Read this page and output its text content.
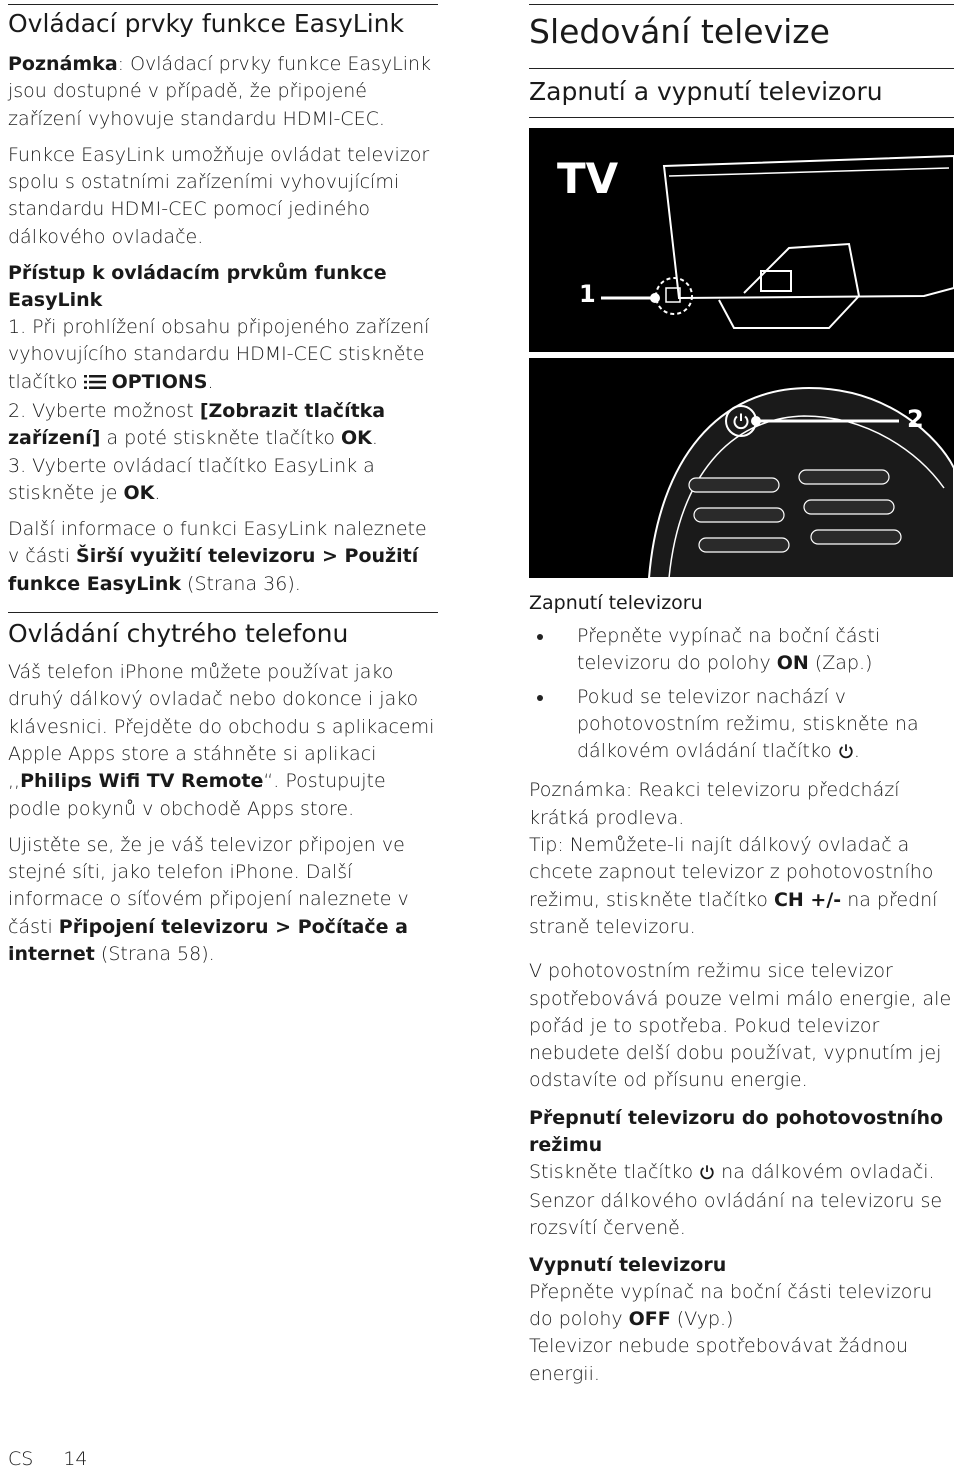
Ovládací prvky funkce EasyLink

Poznámka: Ovládací prvky funkce EasyLink jsou dostupné v případě, že připojené zařízení vyhovuje standardu HDMI-CEC.

Funkce EasyLink umožňuje ovládat televizor spolu s ostatními zařízeními vyhovujícími standardu HDMI-CEC pomocí jediného dálkového ovladače.

Přístup k ovládacím prvkům funkce EasyLink

1. Při prohlížení obsahu připojeného zařízení vyhovujícího standardu HDMI-CEC stiskněte tlačítko  OPTIONS.

2. Vyberte možnost [Zobrazit tlačítka zařízení] a poté stiskněte tlačítko OK.

3. Vyberte ovládací tlačítko EasyLink a stiskněte je OK.

Další informace o funkci EasyLink naleznete v části Širší využití televizoru > Použití funkce EasyLink (Strana 36).

Ovládání chytrého telefonu

Váš telefon iPhone můžete používat jako druhý dálkový ovladač nebo dokonce i jako klávesnici. Přejděte do obchodu s aplikacemi Apple Apps store a stáhněte si aplikaci ,,Philips Wifi TV Remote“. Postupujte podle pokynů v obchodě Apps store.

Ujistěte se, že je váš televizor připojen ve stejné síti, jako telefon iPhone. Další informace o síťovém připojení naleznete v části Připojení televizoru > Počítače a internet (Strana 58).

Sledování televize
Zapnutí a vypnutí televizoru
TV
1
2
Zapnutí televizoru
Přepněte vypínač na boční části televizoru do polohy ON (Zap.)
Pokud se televizor nachází v pohotovostním režimu, stiskněte na dálkovém ovládání tlačítko .

Poznámka: Reakci televizoru předchází krátká prodleva.

Tip: Nemůžete-li najít dálkový ovladač a chcete zapnout televizor z pohotovostního režimu, stiskněte tlačítko CH +/- na přední straně televizoru.

V pohotovostním režimu sice televizor spotřebovává pouze velmi málo energie, ale pořád je to spotřeba. Pokud televizor nebudete delší dobu používat, vypnutím jej odstavíte od přísunu energie.

Přepnutí televizoru do pohotovostního režimu

Stiskněte tlačítko  na dálkovém ovladači. Senzor dálkového ovládání na televizoru se rozsvítí červeně.

Vypnutí televizoru

Přepněte vypínač na boční části televizoru do polohy OFF (Vyp.)

Televizor nebude spotřebovávat žádnou energii.

CS 14
